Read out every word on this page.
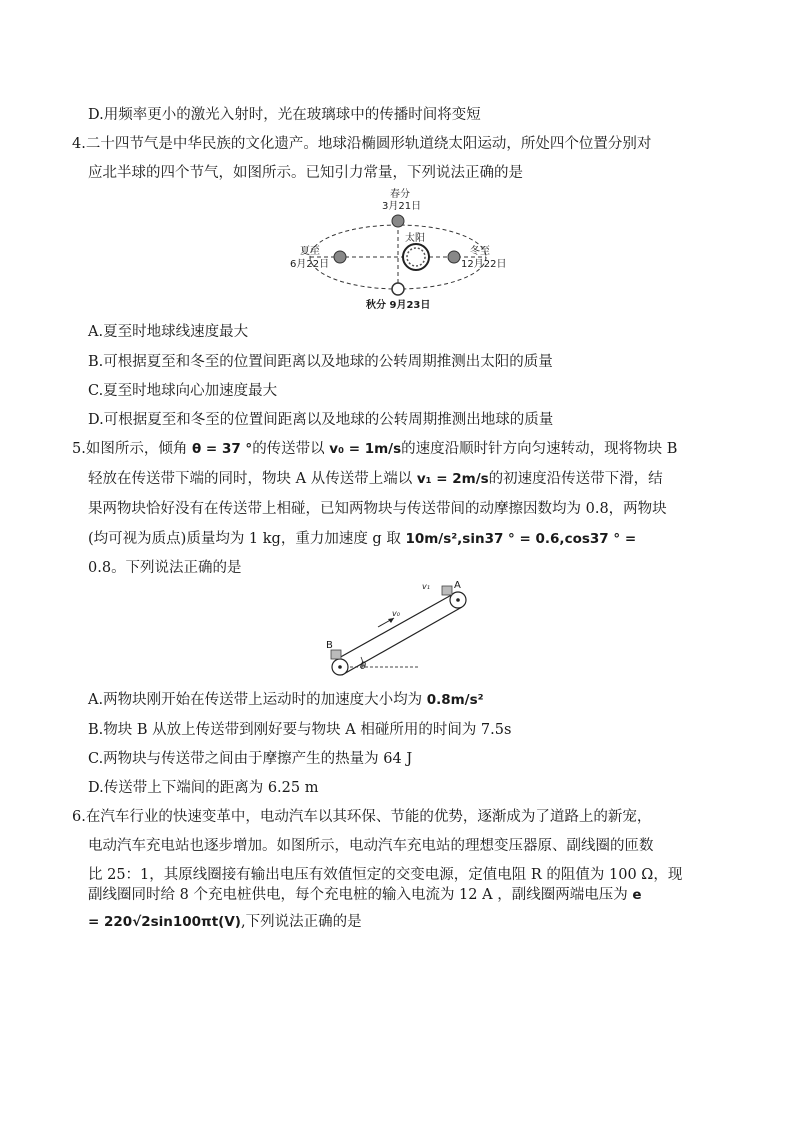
D.用频率更小的激光入射时，光在玻璃球中的传播时间将变短
4.二十四节气是中华民族的文化遗产。地球沿椭圆形轨道绕太阳运动，所处四个位置分别对
应北半球的四个节气，如图所示。已知引力常量，下列说法正确的是
春分
3月21日
太阳
夏至
6月22日
冬至
12月22日
秋分 9月23日
A.夏至时地球线速度最大
B.可根据夏至和冬至的位置间距离以及地球的公转周期推测出太阳的质量
C.夏至时地球向心加速度最大
D.可根据夏至和冬至的位置间距离以及地球的公转周期推测出地球的质量
5.如图所示，倾角 θ = 37 °的传送带以 v₀ = 1m/s的速度沿顺时针方向匀速转动，现将物块 B
轻放在传送带下端的同时，物块 A 从传送带上端以 v₁ = 2m/s的初速度沿传送带下滑，结
果两物块恰好没有在传送带上相碰，已知两物块与传送带间的动摩擦因数均为 0.8，两物块
(均可视为质点)质量均为 1 kg，重力加速度 g 取 10m/s²,sin37 ° = 0.6,cos37 ° =
0.8。下列说法正确的是
B
A
v₁
v₀
θ
A.两物块刚开始在传送带上运动时的加速度大小均为 0.8m/s²
B.物块 B 从放上传送带到刚好要与物块 A 相碰所用的时间为 7.5s
C.两物块与传送带之间由于摩擦产生的热量为 64 J
D.传送带上下端间的距离为 6.25 m
6.在汽车行业的快速变革中，电动汽车以其环保、节能的优势，逐渐成为了道路上的新宠，
电动汽车充电站也逐步增加。如图所示，电动汽车充电站的理想变压器原、副线圈的匝数
比 25：1，其原线圈接有输出电压有效值恒定的交变电源，定值电阻 R 的阻值为 100 Ω，现
副线圈同时给 8 个充电桩供电，每个充电桩的输入电流为 12 A ，副线圈两端电压为 e
= 220√2sin100πt(V),下列说法正确的是
